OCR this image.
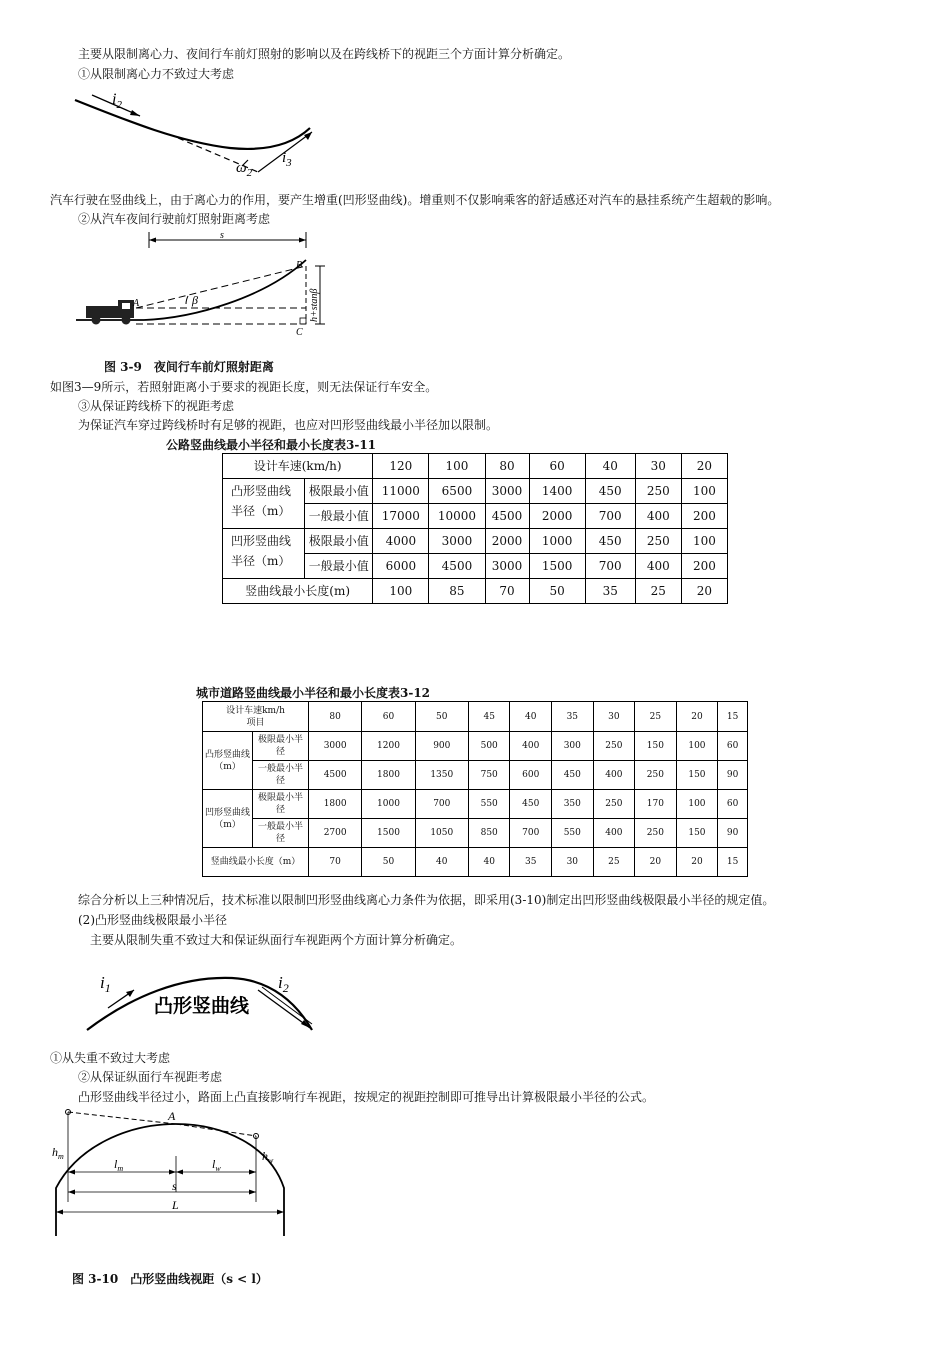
主要从限制离心力、夜间行车前灯照射的影响以及在跨线桥下的视距三个方面计算分析确定。
①从限制离心力不致过大考虑
$i_2$
$\omega_2$
$i_3$
汽车行驶在竖曲线上，由于离心力的作用，要产生增重(凹形竖曲线)。增重则不仅影响乘客的舒适感还对汽车的悬挂系统产生超载的影响。
②从汽车夜间行驶前灯照射距离考虑
s
A
B
C
β	h+stanβ
图 3-9　夜间行车前灯照射距离
如图3—9所示，若照射距离小于要求的视距长度，则无法保证行车安全。
③从保证跨线桥下的视距考虑
为保证汽车穿过跨线桥时有足够的视距，也应对凹形竖曲线最小半径加以限制。
公路竖曲线最小半径和最小长度表3-11
设计车速(km/h)		120	100	80	60	40	30	20
凸形竖曲线半径（m）	极限最小值	11000	6500	3000	1400	450	250	100
	一般最小值	17000	10000	4500	2000	700	400	200
凹形竖曲线半径（m）	极限最小值	4000	3000	2000	1000	450	250	100
	一般最小值	6000	4500	3000	1500	700	400	200
竖曲线最小长度(m)		100	85	70	50	35	25	20
城市道路竖曲线最小半径和最小长度表3-12
设计车速km/h
项目		80	60	50	45	40	35	30	25	20	15
凸形竖曲线（m）	极限最小半径	3000	1200	900	500	400	300	250	150	100	60
	一般最小半径	4500	1800	1350	750	600	450	400	250	150	90
凹形竖曲线（m）	极限最小半径	1800	1000	700	550	450	350	250	170	100	60
	一般最小半径	2700	1500	1050	850	700	550	400	250	150	90
竖曲线最小长度（m）		70	50	40	40	35	30	25	20	20	15
综合分析以上三种情况后，技术标准以限制凹形竖曲线离心力条件为依据，即采用(3-10)制定出凹形竖曲线极限最小半径的规定值。
(2)凸形竖曲线极限最小半径
主要从限制失重不致过大和保证纵面行车视距两个方面计算分析确定。
$i_1$	$i_2$
凸形竖曲线
①从失重不致过大考虑
②从保证纵面行车视距考虑
凸形竖曲线半径过小，路面上凸直接影响行车视距，按规定的视距控制即可推导出计算极限最小半径的公式。
A
$h_m$	$h_w$
$l_m$	$l_w$
s
L
图 3-10　凸形竖曲线视距（s < l）
